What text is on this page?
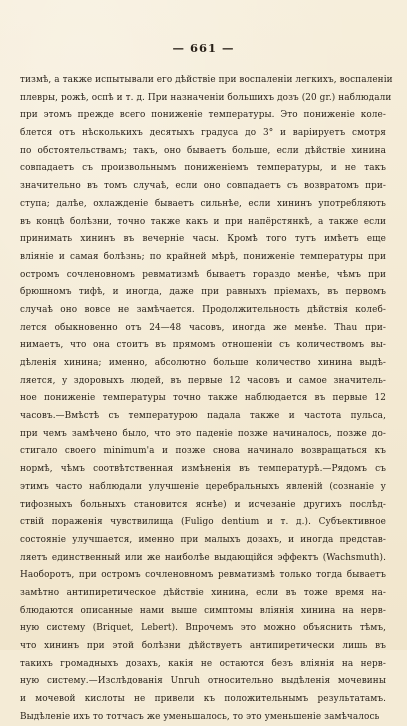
— 661 —
тизмѣ, а также испытывали его дѣйствіе при воспаленіи легкихъ, воспаленіи
плевры, рожѣ, оспѣ и т. д. При назначеніи большихъ дозъ (20 gr.) наблюдали
при этомъ прежде всего пониженіе температуры. Это пониженіе коле-
блется отъ нѣсколькихъ десятыхъ градуса до 3° и варіируетъ смотря
по обстоятельствамъ; такъ, оно бываетъ больше, если дѣйствіе хинина
совпадаетъ съ произвольнымъ пониженіемъ температуры, и не такъ
значительно въ томъ случаѣ, если оно совпадаетъ съ возвратомъ при-
ступа; далѣе, охлажденіе бываетъ сильнѣе, если хининъ употребляють
въ концѣ болѣзни, точно также какъ и при напёрстянкѣ, а также если
принимать хининъ въ вечерніе часы. Кромѣ того тутъ имѣетъ еще
вліяніе и самая болѣзнь; по крайней мѣрѣ, пониженіе температуры при
остромъ сочленовномъ ревматизмѣ бываетъ гораздо менѣе, чѣмъ при
брюшномъ тифѣ, и иногда, даже при равныхъ пріемахъ, въ первомъ
случаѣ оно вовсе не замѣчается. Продолжительность дѣйствія колеб-
лется обыкновенно отъ 24—48 часовъ, иногда же менѣе. Thau при-
нимаетъ, что она стоитъ въ прямомъ отношеніи съ количествомъ вы-
дѣленія хинина; именно, абсолютно больше количество хинина выдѣ-
ляется, у здоровыхъ людей, въ первые 12 часовъ и самое значитель-
ное пониженіе температуры точно также наблюдается въ первые 12
часовъ.—Вмѣстѣ съ температурою падала также и частота пульса,
при чемъ замѣчено было, что это паденіе позже начиналось, позже до-
стигало своего minimum'a и позже снова начинало возвращаться къ
нормѣ, чѣмъ соотвѣтственная измѣненія въ температурѣ.—Рядомъ съ
этимъ часто наблюдали улучшеніе церебральныхъ явленій (сознаніе у
тифозныхъ больныхъ становится яснѣе) и исчезаніе другихъ послѣд-
ствій пораженія чувствилища (Fuligo dentium и т. д.). Субъективное
состояніе улучшается, именно при малыхъ дозахъ, и иногда представ-
ляетъ единственный или же наиболѣе выдающійся эффектъ (Wachsmuth).
Наоборотъ, при остромъ сочленовномъ ревматизмѣ только тогда бываетъ
замѣтно антипиретическое дѣйствіе хинина, если въ тоже время на-
блюдаются описанные нами выше симптомы вліянія хинина на нерв-
ную систему (Briquet, Lebert). Впрочемъ это можно объяснить тѣмъ,
что хининъ при этой болѣзни дѣйствуетъ антипиретически лишь въ
такихъ громадныхъ дозахъ, какія не остаются безъ вліянія на нерв-
ную систему.—Изслѣдованія Unruh относительно выдѣленія мочевины
и мочевой кислоты не привели къ положительнымъ результатамъ.
Выдѣленіе ихъ то тотчасъ же уменьшалось, то это уменьшеніе замѣчалось
